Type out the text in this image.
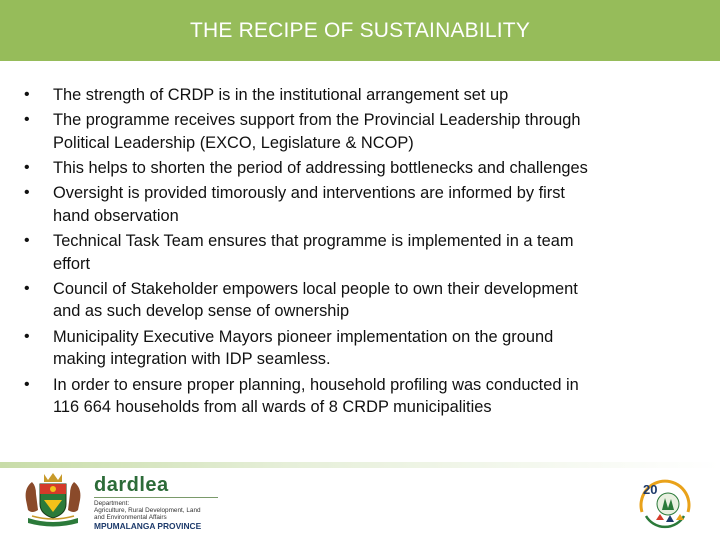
THE RECIPE OF SUSTAINABILITY
•	The strength of CRDP is in the institutional arrangement set up
•	The programme receives support from the Provincial Leadership through
Political Leadership (EXCO, Legislature & NCOP)
•	This helps to shorten the period of addressing bottlenecks and challenges
•	Oversight is provided timorously and interventions are informed by first
hand observation
•	Technical Task Team ensures that programme is implemented in a team
effort
•	Council of Stakeholder empowers local people to own their development
and as such develop sense of ownership
•	Municipality Executive Mayors pioneer implementation on the ground
making integration with IDP seamless.
•	In order to ensure proper planning, household profiling was conducted in
116 664 households from all wards of 8 CRDP municipalities
dardlea
Department:
Agriculture, Rural Development, Land
and Environmental Affairs
MPUMALANGA PROVINCE
20
